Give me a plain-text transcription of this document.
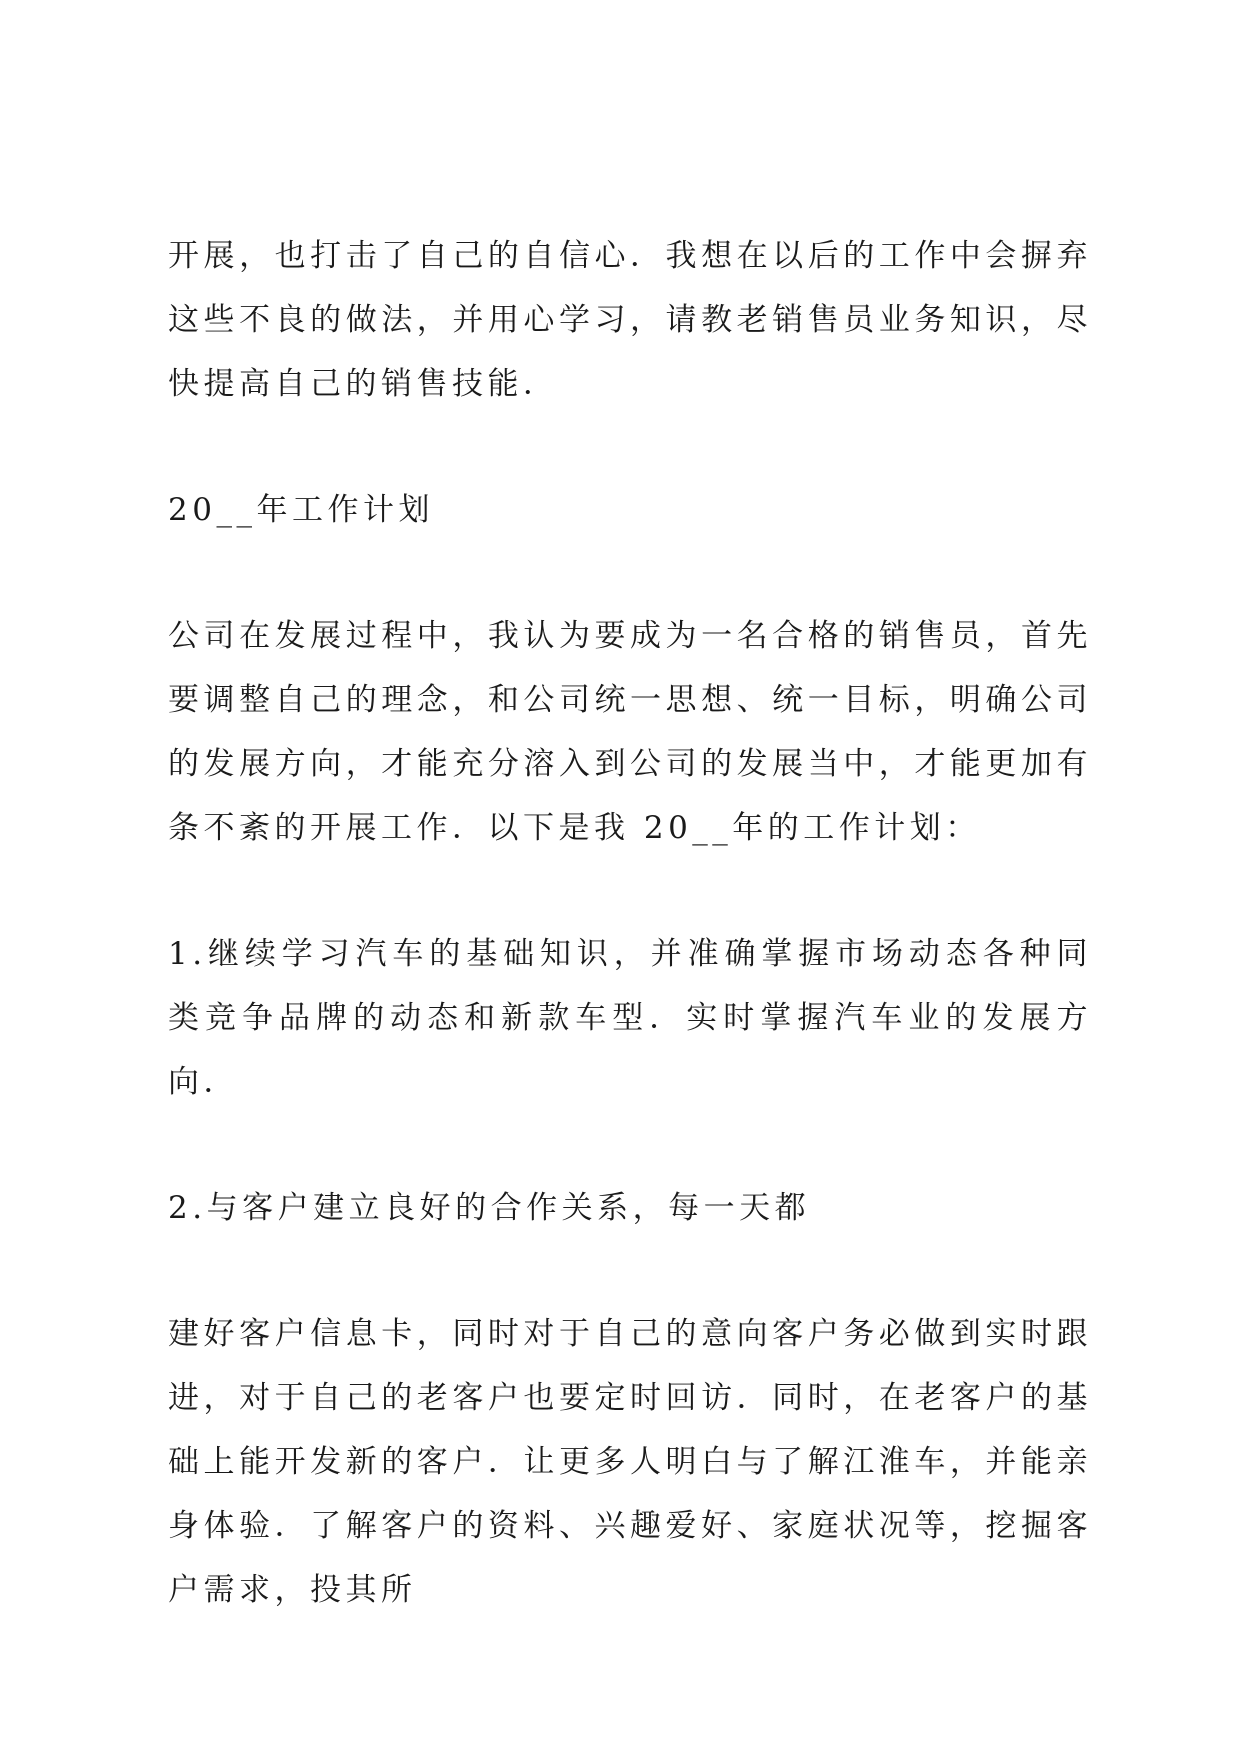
开展，也打击了自己的自信心．我想在以后的工作中会摒弃这些不良的做法，并用心学习，请教老销售员业务知识，尽快提高自己的销售技能．

20__年工作计划

公司在发展过程中，我认为要成为一名合格的销售员，首先要调整自己的理念，和公司统一思想、统一目标，明确公司的发展方向，才能充分溶入到公司的发展当中，才能更加有条不紊的开展工作．以下是我 20__年的工作计划：

1.继续学习汽车的基础知识，并准确掌握市场动态各种同类竞争品牌的动态和新款车型．实时掌握汽车业的发展方向．

2.与客户建立良好的合作关系，每一天都

建好客户信息卡，同时对于自己的意向客户务必做到实时跟进，对于自己的老客户也要定时回访．同时，在老客户的基础上能开发新的客户．让更多人明白与了解江淮车，并能亲身体验．了解客户的资料、兴趣爱好、家庭状况等，挖掘客户需求，投其所
